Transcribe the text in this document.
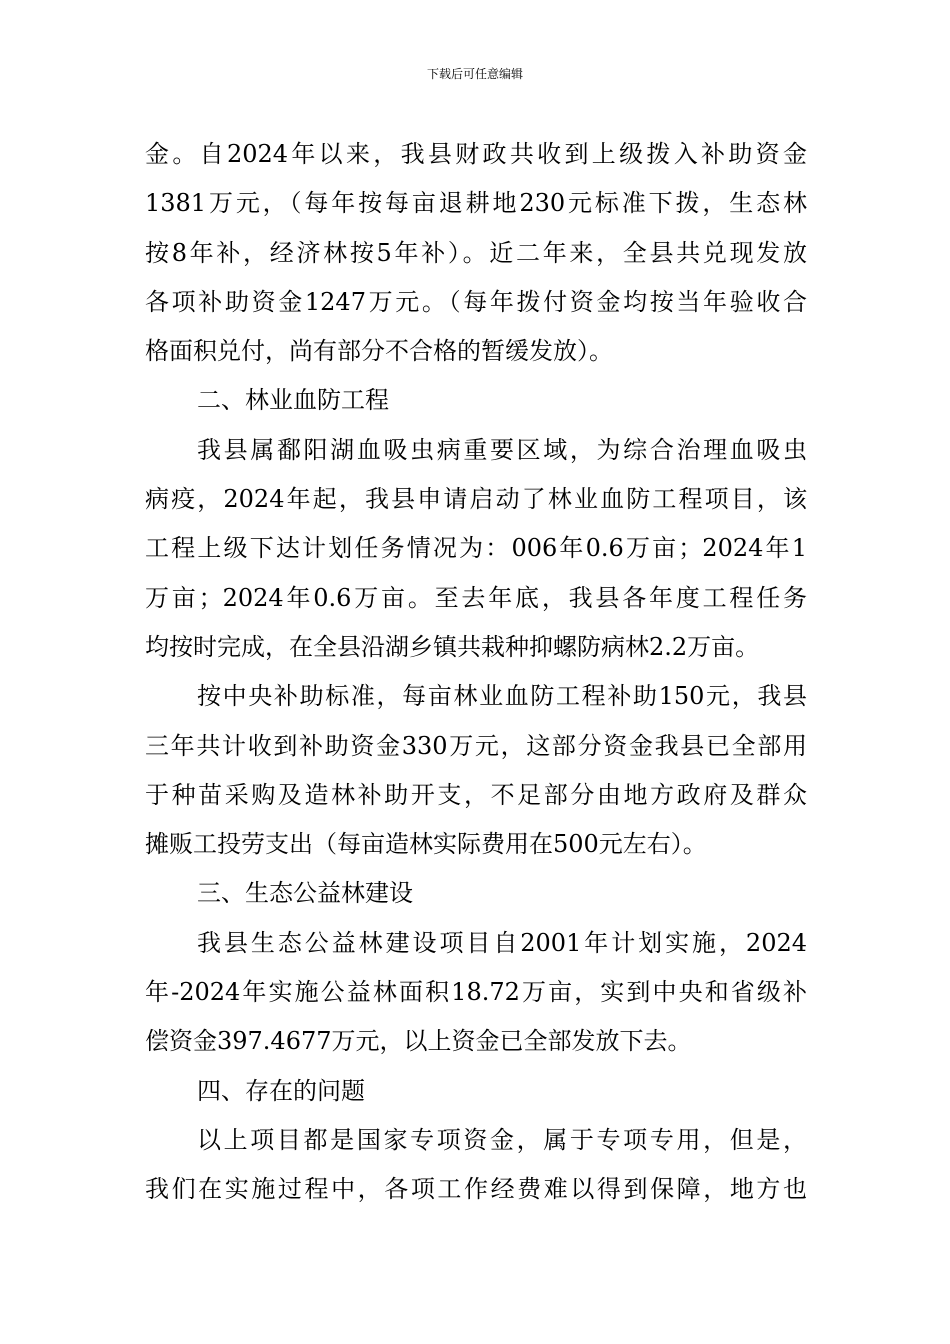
下载后可任意编辑
金。自2024年以来，我县财政共收到上级拨入补助资金
1381万元，（每年按每亩退耕地230元标准下拨，生态林
按8年补，经济林按5年补）。近二年来，全县共兑现发放
各项补助资金1247万元。（每年拨付资金均按当年验收合
格面积兑付，尚有部分不合格的暂缓发放）。
二、林业血防工程
我县属鄱阳湖血吸虫病重要区域，为综合治理血吸虫
病疫，2024年起，我县申请启动了林业血防工程项目，该
工程上级下达计划任务情况为：006年0.6万亩；2024年1
万亩；2024年0.6万亩。至去年底，我县各年度工程任务
均按时完成，在全县沿湖乡镇共栽种抑螺防病林2.2万亩。
按中央补助标准，每亩林业血防工程补助150元，我县
三年共计收到补助资金330万元，这部分资金我县已全部用
于种苗采购及造林补助开支，不足部分由地方政府及群众
摊贩工投劳支出（每亩造林实际费用在500元左右）。
三、生态公益林建设
我县生态公益林建设项目自2001年计划实施，2024
年-2024年实施公益林面积18.72万亩，实到中央和省级补
偿资金397.4677万元，以上资金已全部发放下去。
四、存在的问题
以上项目都是国家专项资金，属于专项专用，但是，
我们在实施过程中，各项工作经费难以得到保障，地方也
